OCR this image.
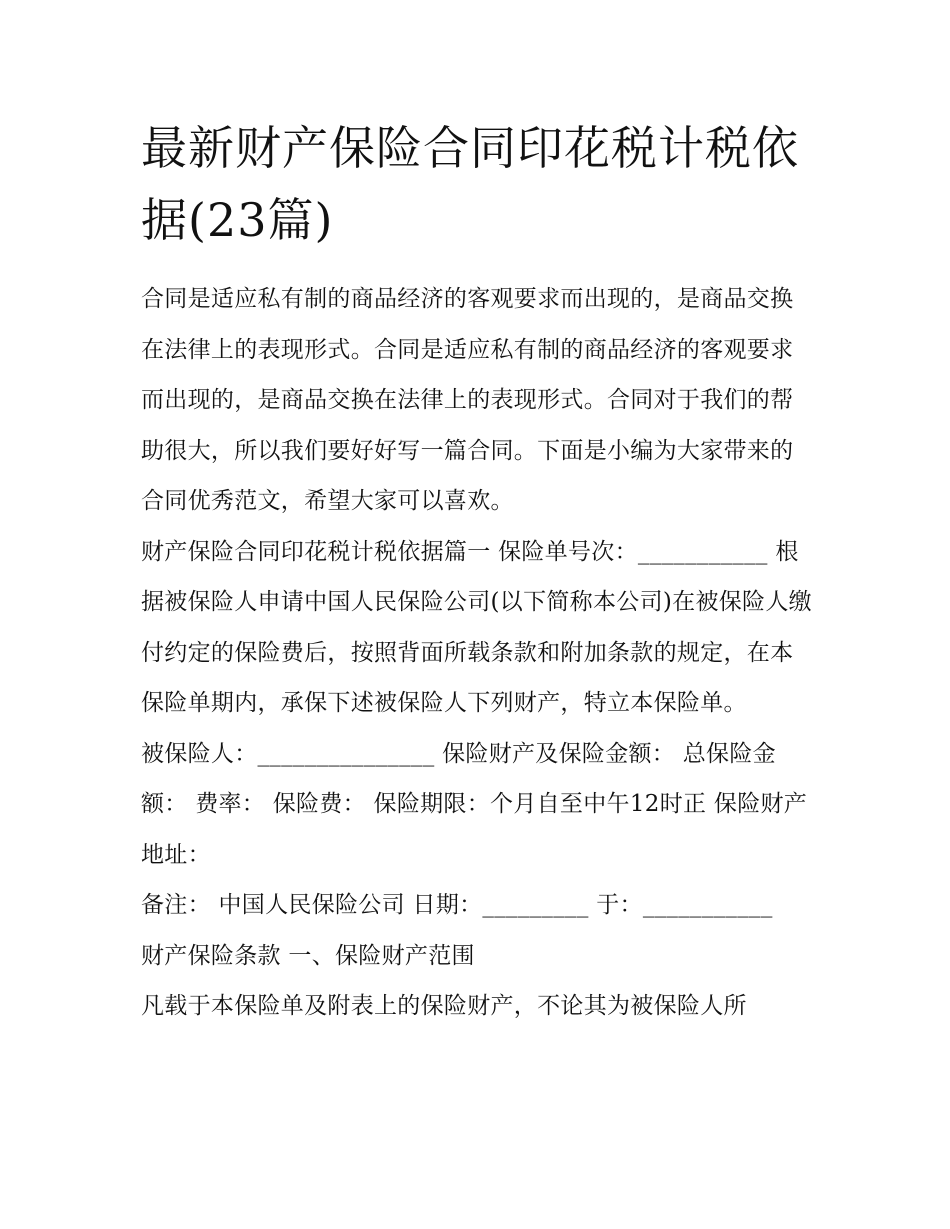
最新财产保险合同印花税计税依据(23篇)

合同是适应私有制的商品经济的客观要求而出现的，是商品交换在法律上的表现形式。合同是适应私有制的商品经济的客观要求而出现的，是商品交换在法律上的表现形式。合同对于我们的帮助很大，所以我们要好好写一篇合同。下面是小编为大家带来的合同优秀范文，希望大家可以喜欢。

财产保险合同印花税计税依据篇一 保险单号次：___________ 根据被保险人申请中国人民保险公司(以下简称本公司)在被保险人缴付约定的保险费后，按照背面所载条款和附加条款的规定，在本保险单期内，承保下述被保险人下列财产，特立本保险单。

被保险人：_______________ 保险财产及保险金额： 总保险金额： 费率： 保险费： 保险期限：个月自至中午12时正 保险财产地址：

备注： 中国人民保险公司 日期：_________ 于：___________

财产保险条款 一、保险财产范围

凡载于本保险单及附表上的保险财产，不论其为被保险人所
